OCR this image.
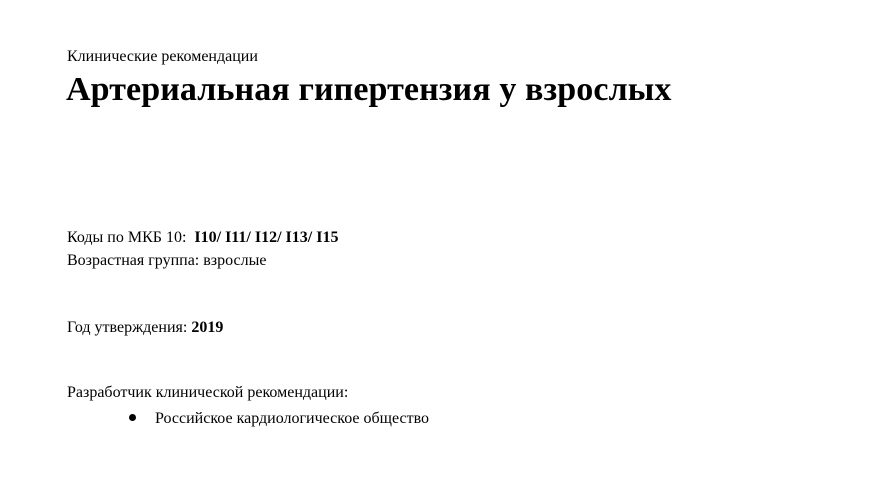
Клинические рекомендации
Артериальная гипертензия у взрослых
Коды по МКБ 10: I10/ I11/ I12/ I13/ I15
Возрастная группа: взрослые
Год утверждения: 2019
Разработчик клинической рекомендации:
Российское кардиологическое общество
